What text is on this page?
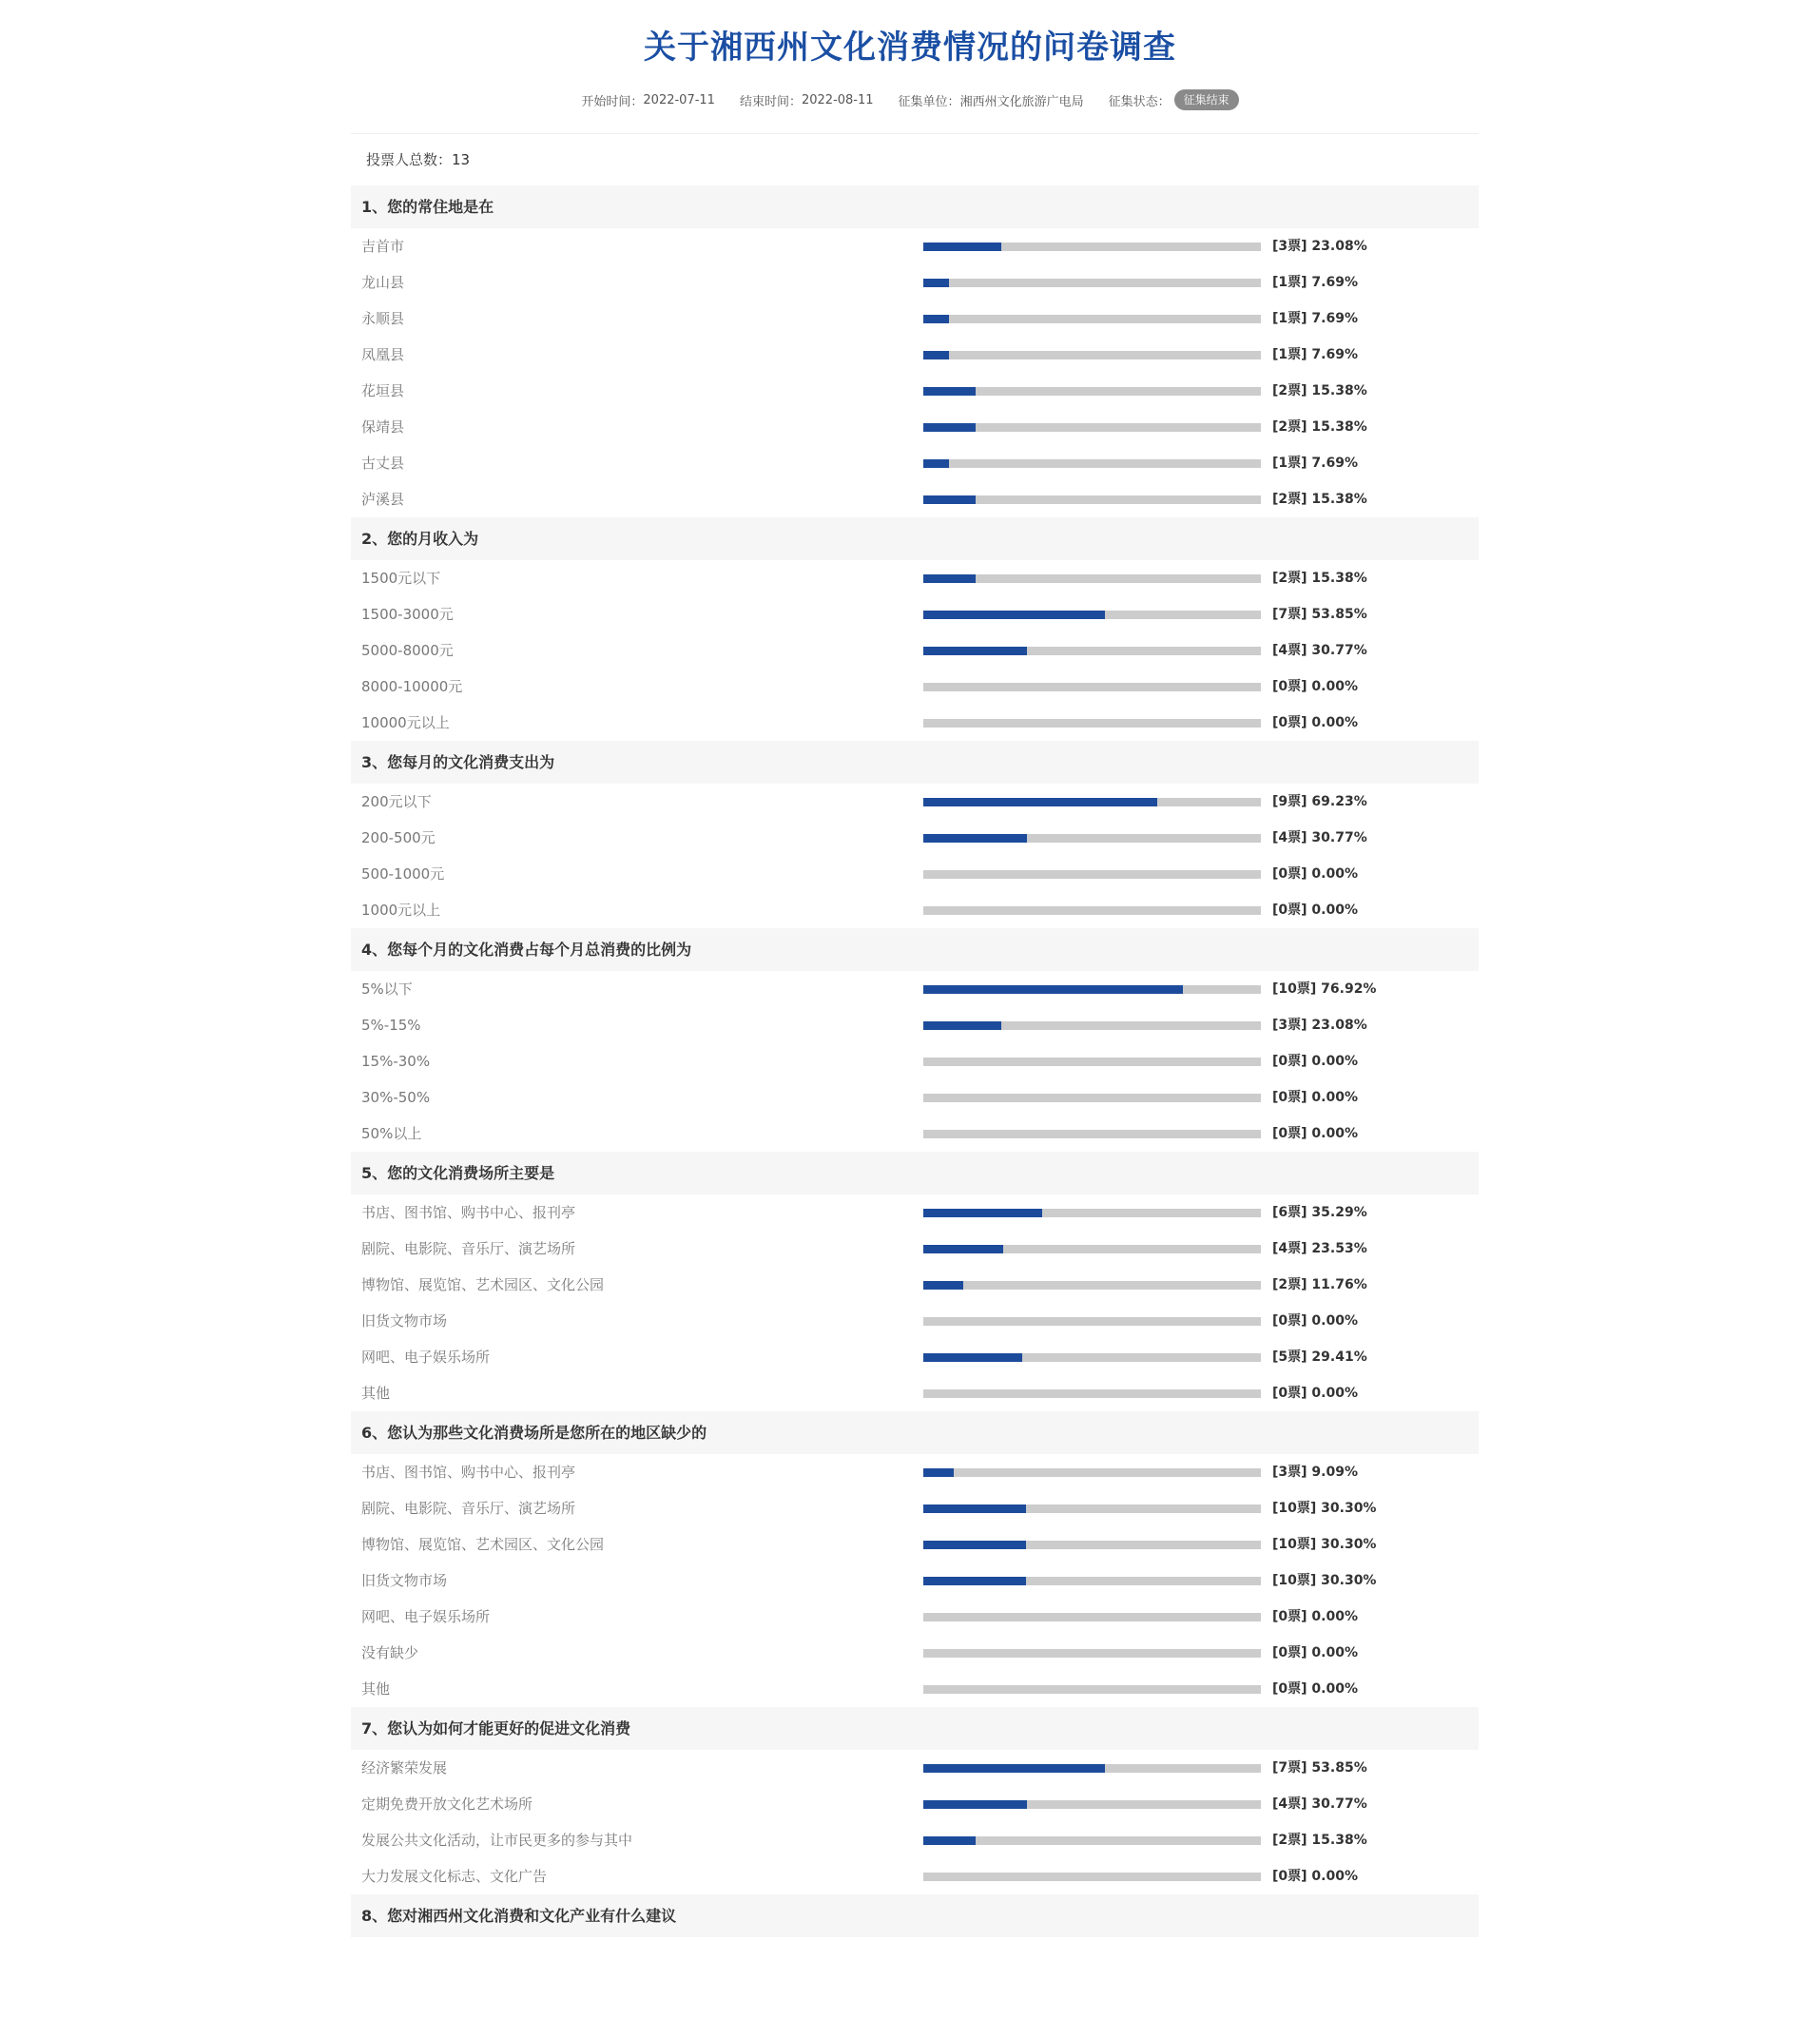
关于湘西州文化消费情况的问卷调查
开始时间： 2022-07-11 结束时间： 2022-08-11 征集单位： 湘西州文化旅游广电局 征集状态：	征集结束
投票人总数：13
1、您的常住地是在
吉首市	[3票] 23.08%
龙山县	[1票] 7.69%
永顺县	[1票] 7.69%
凤凰县	[1票] 7.69%
花垣县	[2票] 15.38%
保靖县	[2票] 15.38%
古丈县	[1票] 7.69%
泸溪县	[2票] 15.38%
2、您的月收入为
1500元以下	[2票] 15.38%
1500-3000元	[7票] 53.85%
5000-8000元	[4票] 30.77%
8000-10000元	[0票] 0.00%
10000元以上	[0票] 0.00%
3、您每月的文化消费支出为
200元以下	[9票] 69.23%
200-500元	[4票] 30.77%
500-1000元	[0票] 0.00%
1000元以上	[0票] 0.00%
4、您每个月的文化消费占每个月总消费的比例为
5%以下	[10票] 76.92%
5%-15%	[3票] 23.08%
15%-30%	[0票] 0.00%
30%-50%	[0票] 0.00%
50%以上	[0票] 0.00%
5、您的文化消费场所主要是
书店、图书馆、购书中心、报刊亭	[6票] 35.29%
剧院、电影院、音乐厅、演艺场所	[4票] 23.53%
博物馆、展览馆、艺术园区、文化公园	[2票] 11.76%
旧货文物市场	[0票] 0.00%
网吧、电子娱乐场所	[5票] 29.41%
其他	[0票] 0.00%
6、您认为那些文化消费场所是您所在的地区缺少的
书店、图书馆、购书中心、报刊亭	[3票] 9.09%
剧院、电影院、音乐厅、演艺场所	[10票] 30.30%
博物馆、展览馆、艺术园区、文化公园	[10票] 30.30%
旧货文物市场	[10票] 30.30%
网吧、电子娱乐场所	[0票] 0.00%
没有缺少	[0票] 0.00%
其他	[0票] 0.00%
7、您认为如何才能更好的促进文化消费
经济繁荣发展	[7票] 53.85%
定期免费开放文化艺术场所	[4票] 30.77%
发展公共文化活动，让市民更多的参与其中	[2票] 15.38%
大力发展文化标志、文化广告	[0票] 0.00%
8、您对湘西州文化消费和文化产业有什么建议
